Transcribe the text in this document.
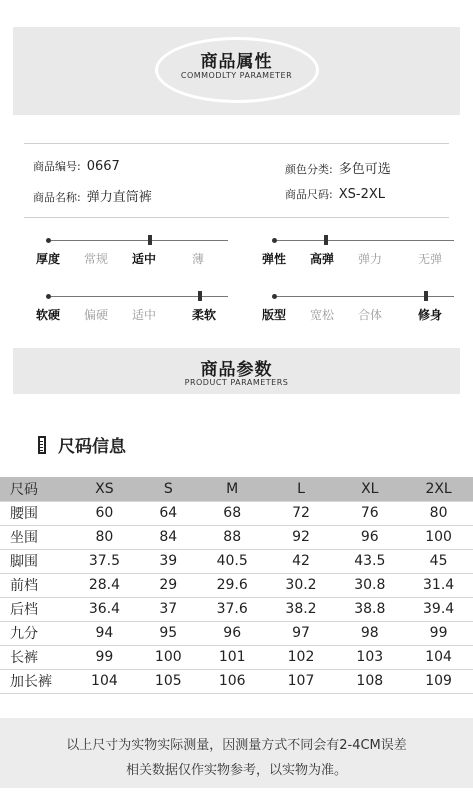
商品属性
COMMODLTY PARAMETER
商品编号: 0667	颜色分类: 多色可选
商品名称: 弹力直筒裤	商品尺码: XS-2XL
厚度 常规 适中	薄	弹性 高弹 弹力	无弹
软硬 偏硬 适中	柔软	版型 宽松 合体	修身
商品参数
PRODUCT PARAMETERS
尺码信息
尺码	XS	S	M	L	XL	2XL
腰围	60	64	68	72	76	80
坐围	80	84	88	92	96	100
脚围	37.5	39	40.5	42	43.5	45
前档	28.4	29	29.6	30.2	30.8	31.4
后档	36.4	37	37.6	38.2	38.8	39.4
九分	94	95	96	97	98	99
长裤	99	100	101	102	103	104
加长裤	104	105	106	107	108	109
以上尺寸为实物实际测量，因测量方式不同会有2-4CM误差
相关数据仅作实物参考，以实物为准。
